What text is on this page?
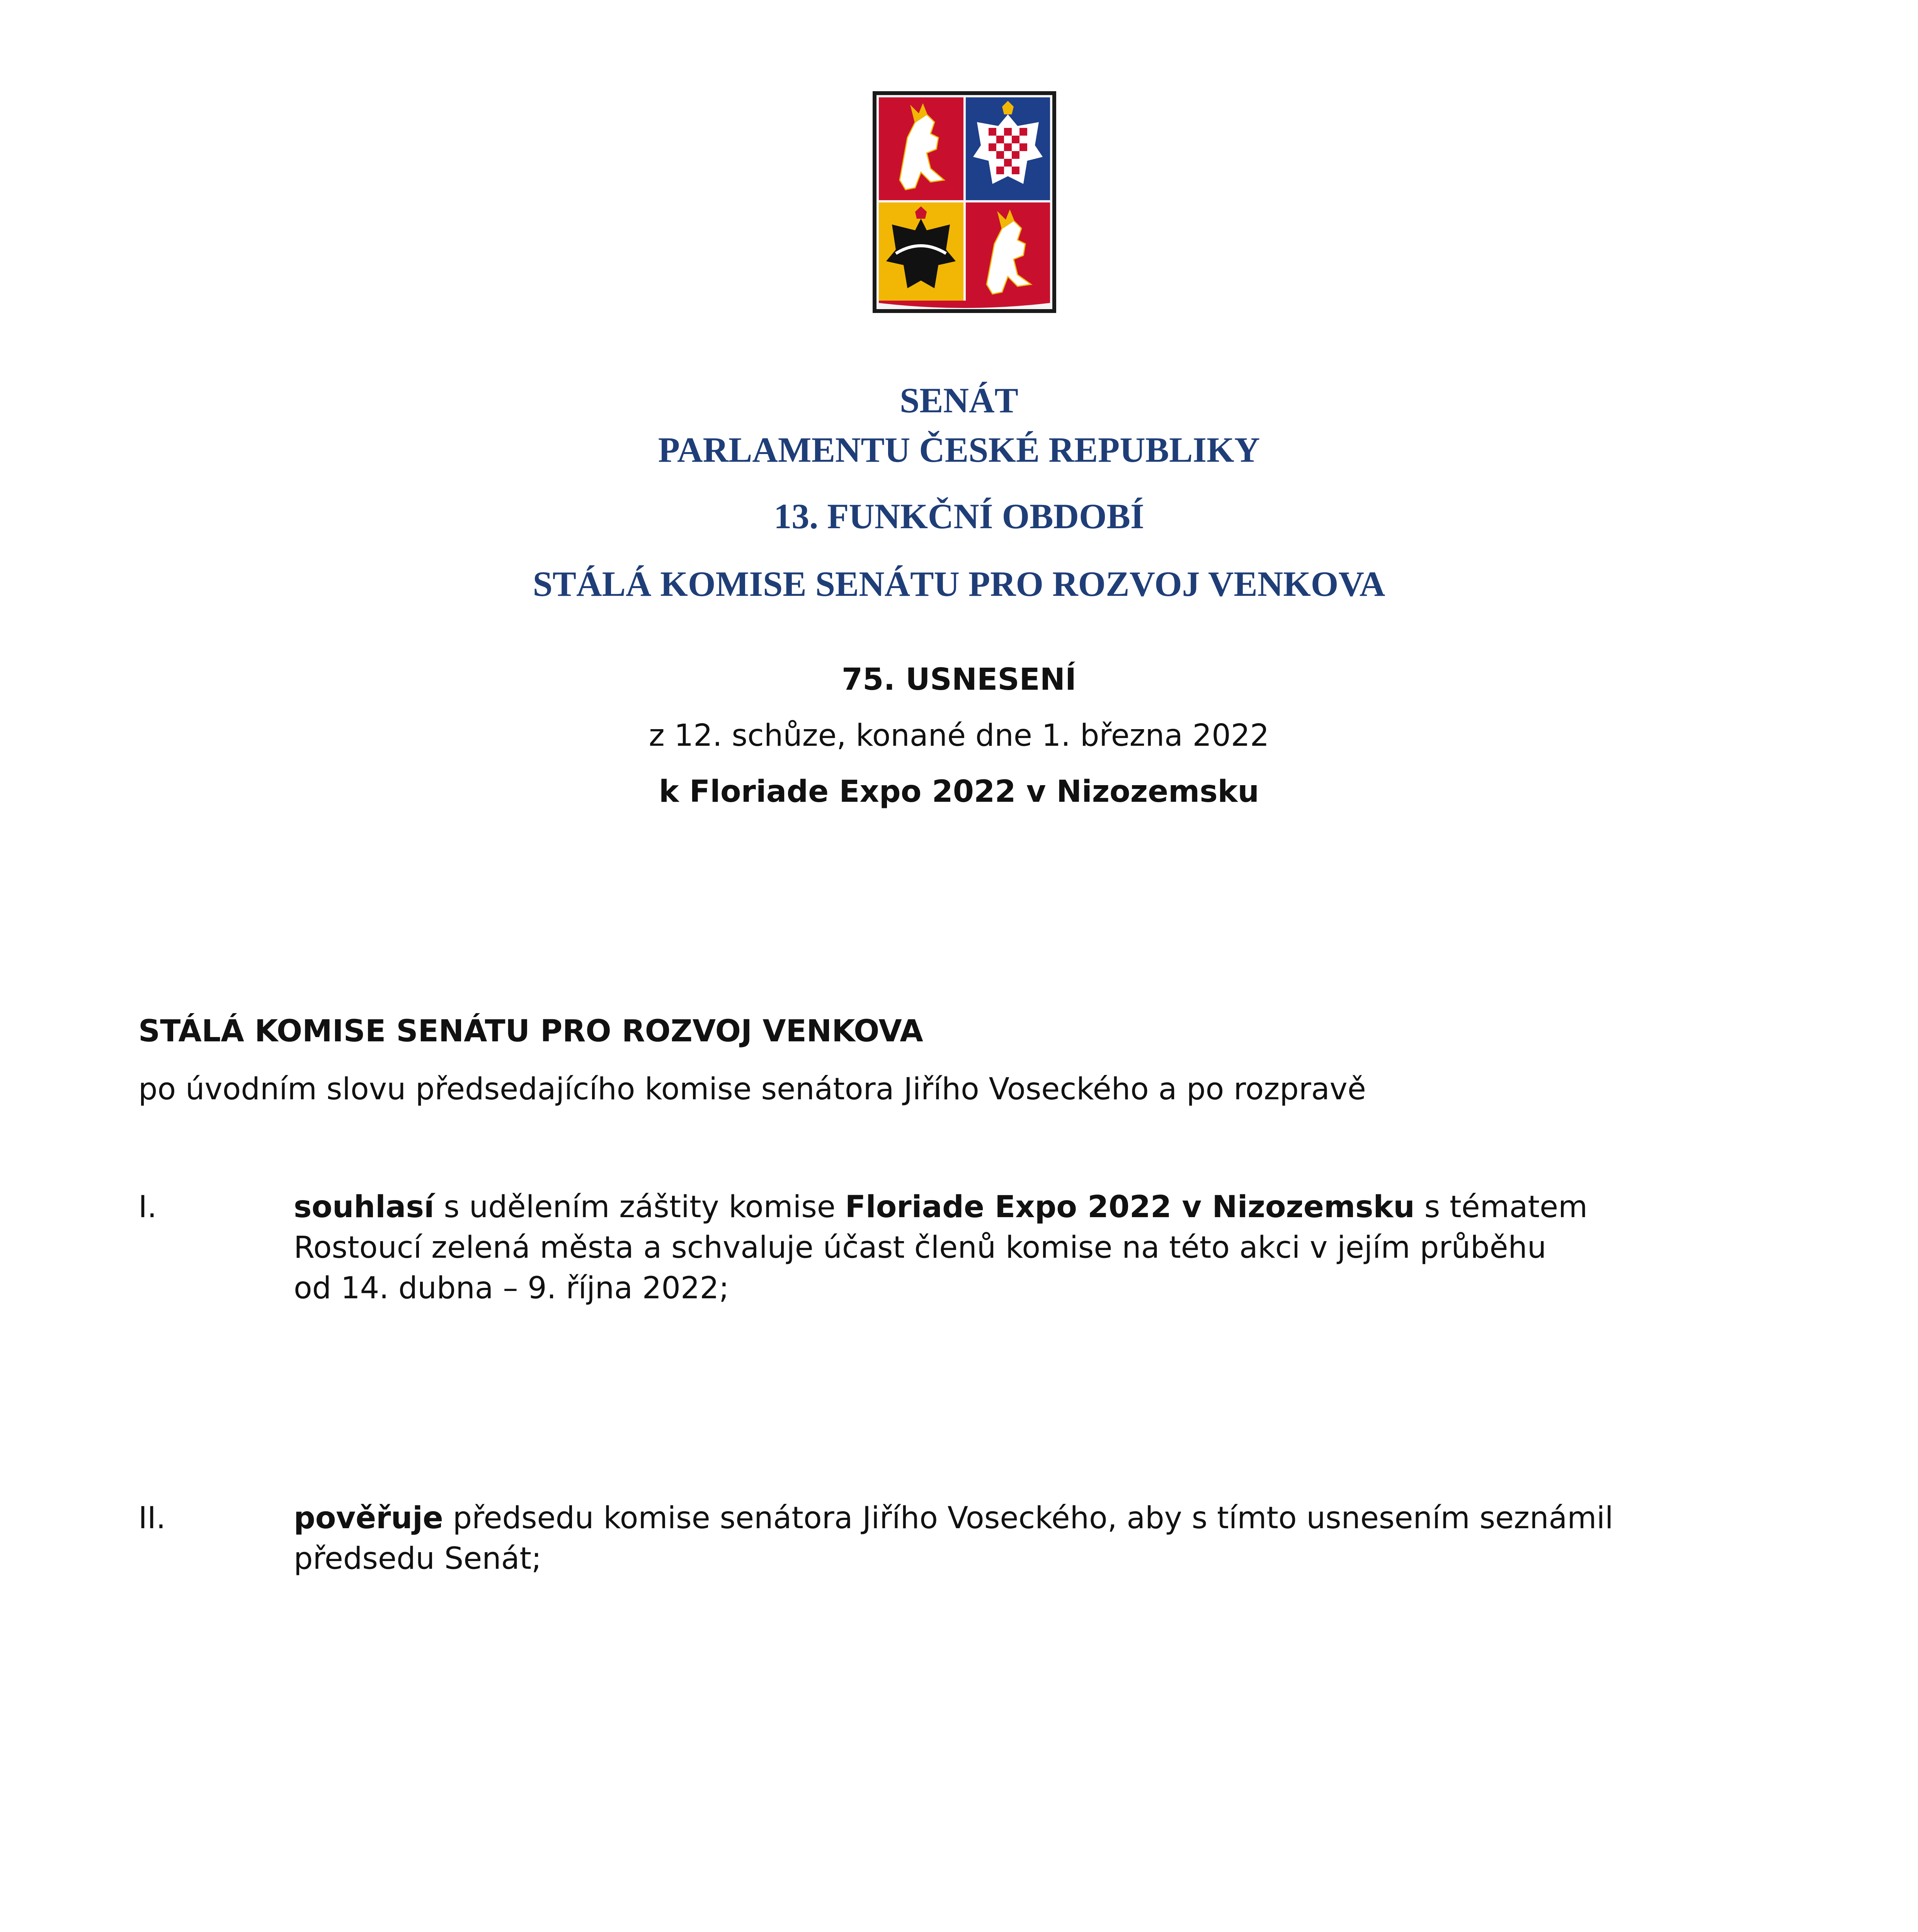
SENÁT
PARLAMENTU ČESKÉ REPUBLIKY
13. FUNKČNÍ OBDOBÍ
STÁLÁ KOMISE SENÁTU PRO ROZVOJ VENKOVA
75. USNESENÍ
z 12. schůze, konané dne 1. března 2022
k Floriade Expo 2022 v Nizozemsku
STÁLÁ KOMISE SENÁTU PRO ROZVOJ VENKOVA
po úvodním slovu předsedajícího komise senátora Jiřího Voseckého a po rozpravě
I.	souhlasí s udělením záštity komise Floriade Expo 2022 v Nizozemsku s tématem
Rostoucí zelená města a schvaluje účast členů komise na této akci v jejím průběhu
od 14. dubna – 9. října 2022;
II.	pověřuje předsedu komise senátora Jiřího Voseckého, aby s tímto usnesením seznámil
předsedu Senát;
